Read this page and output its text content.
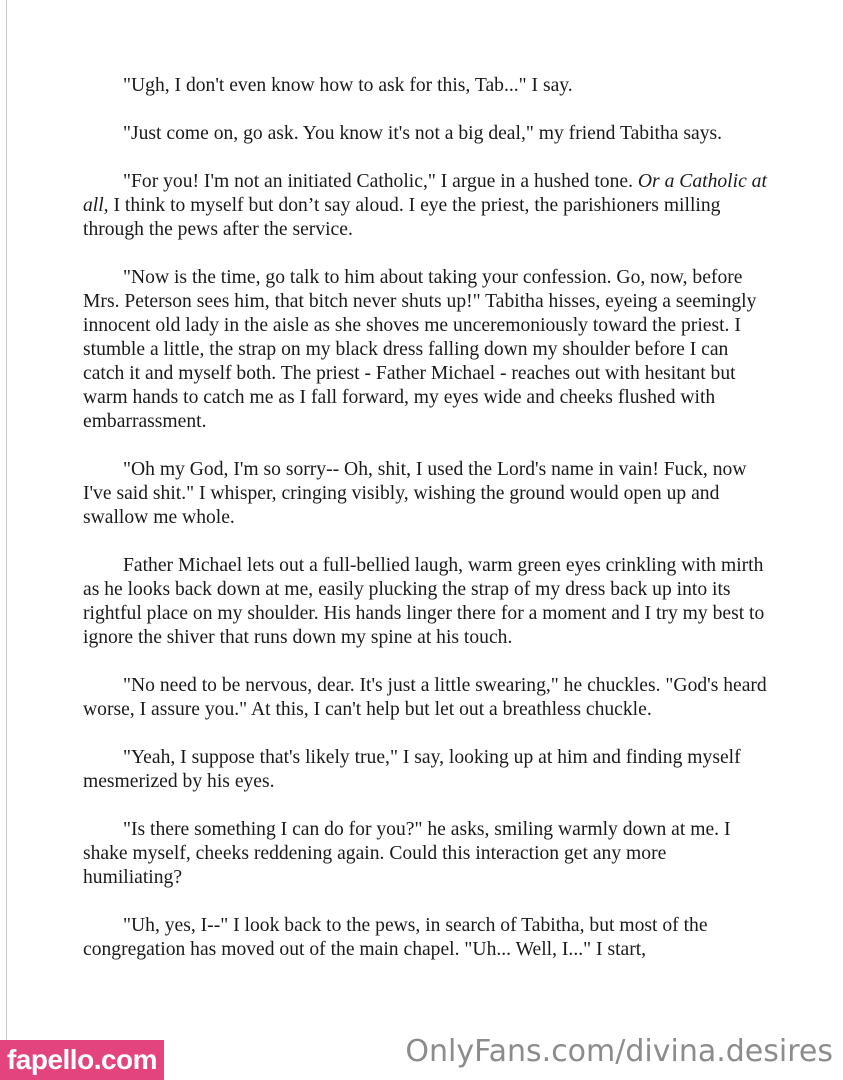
"Ugh, I don't even know how to ask for this, Tab..." I say.

"Just come on, go ask. You know it's not a big deal," my friend Tabitha says.

"For you! I'm not an initiated Catholic," I argue in a hushed tone. Or a Catholic at all, I think to myself but don’t say aloud. I eye the priest, the parishioners milling through the pews after the service.

"Now is the time, go talk to him about taking your confession. Go, now, before Mrs. Peterson sees him, that bitch never shuts up!" Tabitha hisses, eyeing a seemingly innocent old lady in the aisle as she shoves me unceremoniously toward the priest. I stumble a little, the strap on my black dress falling down my shoulder before I can catch it and myself both. The priest - Father Michael - reaches out with hesitant but warm hands to catch me as I fall forward, my eyes wide and cheeks flushed with embarrassment.

"Oh my God, I'm so sorry-- Oh, shit, I used the Lord's name in vain! Fuck, now I've said shit." I whisper, cringing visibly, wishing the ground would open up and swallow me whole.

Father Michael lets out a full-bellied laugh, warm green eyes crinkling with mirth as he looks back down at me, easily plucking the strap of my dress back up into its rightful place on my shoulder. His hands linger there for a moment and I try my best to ignore the shiver that runs down my spine at his touch.

"No need to be nervous, dear. It's just a little swearing," he chuckles. "God's heard worse, I assure you." At this, I can't help but let out a breathless chuckle.

"Yeah, I suppose that's likely true," I say, looking up at him and finding myself mesmerized by his eyes.

"Is there something I can do for you?" he asks, smiling warmly down at me. I shake myself, cheeks reddening again. Could this interaction get any more humiliating?

"Uh, yes, I--" I look back to the pews, in search of Tabitha, but most of the congregation has moved out of the main chapel. "Uh... Well, I..." I start,

fapello.com	OnlyFans.com/divina.desires
